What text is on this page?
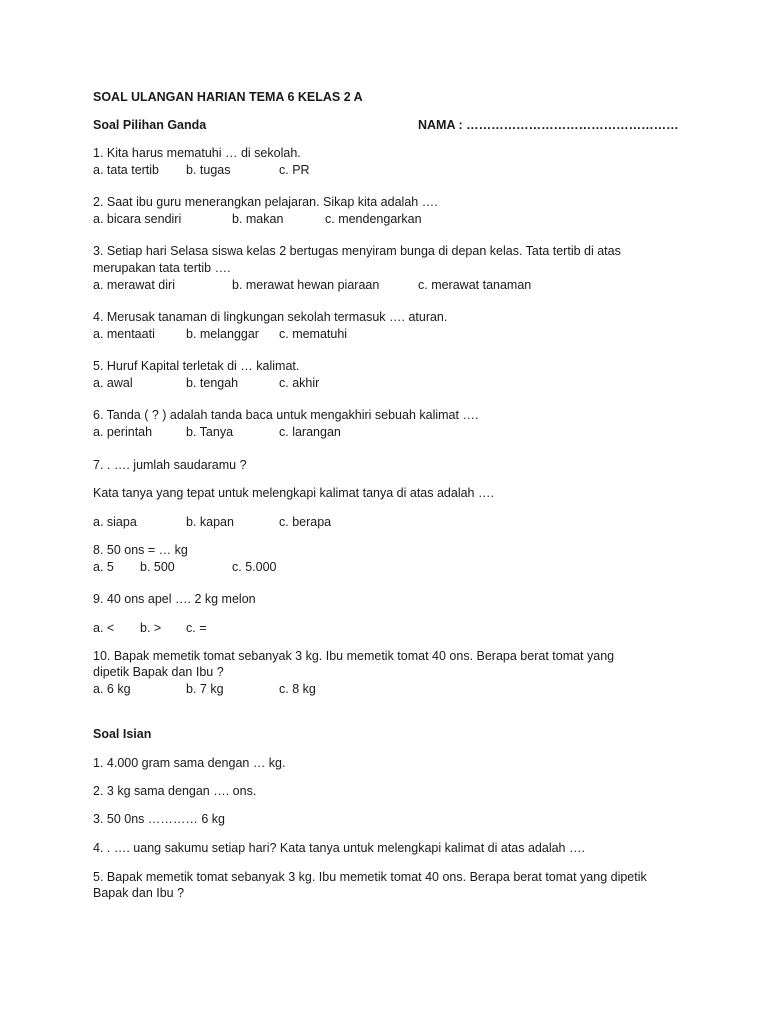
SOAL ULANGAN HARIAN TEMA 6 KELAS 2 A
Soal Pilihan Ganda	NAMA : ……………………………………………
1. Kita harus mematuhi … di sekolah.
a. tata tertib b. tugas	c. PR
2. Saat ibu guru menerangkan pelajaran. Sikap kita adalah ….
a. bicara sendiri	b. makan	c. mendengarkan
3. Setiap hari Selasa siswa kelas 2 bertugas menyiram bunga di depan kelas. Tata tertib di atas
merupakan tata tertib ….
a. merawat diri	b. merawat hewan piaraan	c. merawat tanaman
4. Merusak tanaman di lingkungan sekolah termasuk …. aturan.
a. mentaati b. melanggar c. mematuhi
5. Huruf Kapital terletak di … kalimat.
a. awal	b. tengah	c. akhir
6. Tanda ( ? ) adalah tanda baca untuk mengakhiri sebuah kalimat ….
a. perintah	b. Tanya	c. larangan
7. . …. jumlah saudaramu ?
Kata tanya yang tepat untuk melengkapi kalimat tanya di atas adalah ….
a. siapa	b. kapan	c. berapa
8. 50 ons = … kg
a. 5 b. 500	c. 5.000
9. 40 ons apel …. 2 kg melon
a. < b. > c. =
10. Bapak memetik tomat sebanyak 3 kg. Ibu memetik tomat 40 ons. Berapa berat tomat yang
dipetik Bapak dan Ibu ?
a. 6 kg	b. 7 kg	c. 8 kg
Soal Isian
1. 4.000 gram sama dengan … kg.
2. 3 kg sama dengan …. ons.
3. 50 0ns ………… 6 kg
4. . …. uang sakumu setiap hari? Kata tanya untuk melengkapi kalimat di atas adalah ….
5. Bapak memetik tomat sebanyak 3 kg. Ibu memetik tomat 40 ons. Berapa berat tomat yang dipetik
Bapak dan Ibu ?
